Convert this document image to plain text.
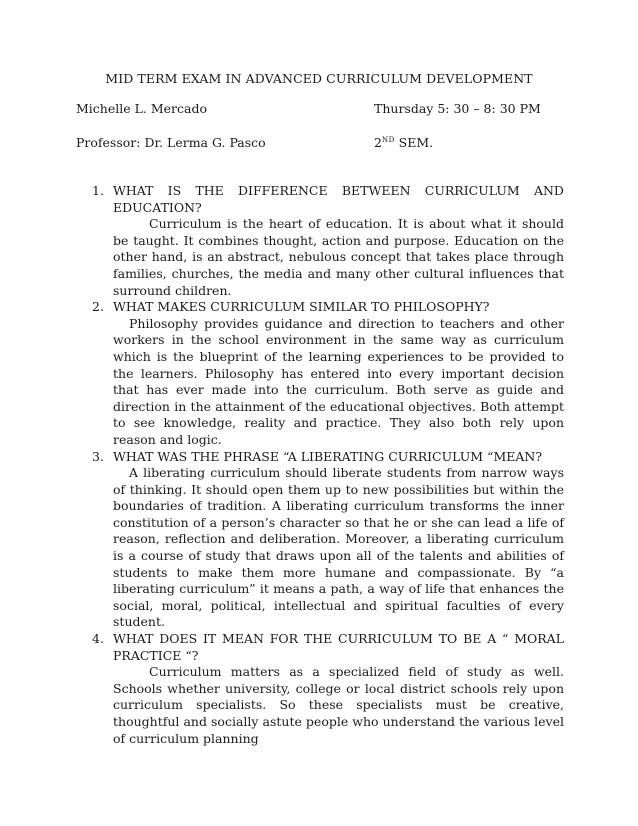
MID TERM EXAM IN ADVANCED CURRICULUM DEVELOPMENT
Michelle L. Mercado	Thursday 5: 30 – 8: 30 PM
Professor: Dr. Lerma G. Pasco	2ND SEM.
1. WHAT IS THE DIFFERENCE BETWEEN CURRICULUM AND
EDUCATION?
Curriculum is the heart of education. It is about what it should be taught. It combines thought, action and purpose. Education on the other hand, is an abstract, nebulous concept that takes place through families, churches, the media and many other cultural influences that surround children.
2. WHAT MAKES CURRICULUM SIMILAR TO PHILOSOPHY?
Philosophy provides guidance and direction to teachers and other workers in the school environment in the same way as curriculum which is the blueprint of the learning experiences to be provided to the learners. Philosophy has entered into every important decision that has ever made into the curriculum. Both serve as guide and direction in the attainment of the educational objectives. Both attempt to see knowledge, reality and practice. They also both rely upon reason and logic.
3. WHAT WAS THE PHRASE “A LIBERATING CURRICULUM “MEAN?
A liberating curriculum should liberate students from narrow ways of thinking. It should open them up to new possibilities but within the boundaries of tradition. A liberating curriculum transforms the inner constitution of a person’s character so that he or she can lead a life of reason, reflection and deliberation. Moreover, a liberating curriculum is a course of study that draws upon all of the talents and abilities of students to make them more humane and compassionate. By “a liberating curriculum” it means a path, a way of life that enhances the social, moral, political, intellectual and spiritual faculties of every student.
4. WHAT DOES IT MEAN FOR THE CURRICULUM TO BE A “ MORAL PRACTICE “?
Curriculum matters as a specialized field of study as well. Schools whether university, college or local district schools rely upon curriculum specialists. So these specialists must be creative, thoughtful and socially astute people who understand the various level of curriculum planning
